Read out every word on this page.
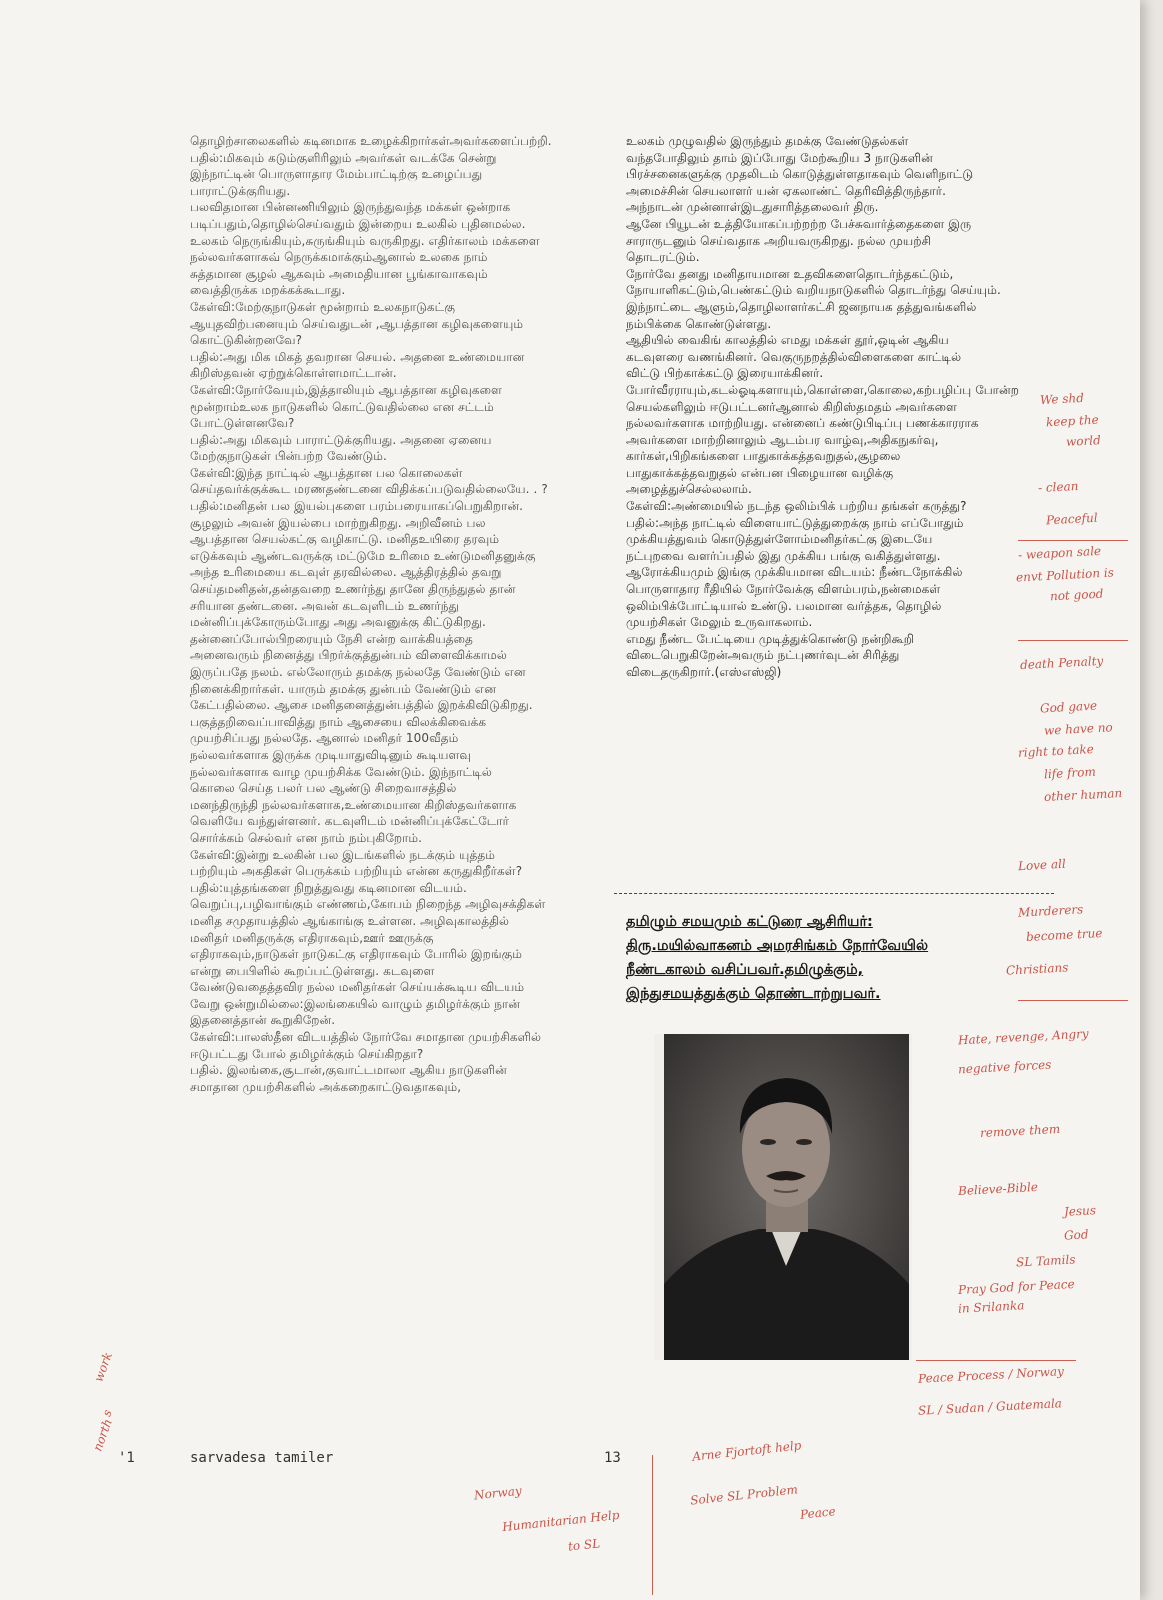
தொழிற்சாலைகளில் கடினமாக உழைக்கிறார்கள்அவர்களைப்பற்றி.

பதில்:மிகவும் கடும்குளிரிலும் அவர்கள் வடக்கே சென்று

இந்நாட்டின் பொருளாதார மேம்பாட்டிற்கு உழைப்பது

பாராட்டுக்குரியது.

பலவிதமான பின்னணியிலும் இருந்துவந்த மக்கள் ஒன்றாக

படிப்பதும்,தொழில்செய்வதும் இன்றைய உலகில் புதினமல்ல.

உலகம் நெருங்கியும்,சுருங்கியும் வருகிறது. எதிர்காலம் மக்களை

நல்லவர்களாகவ் நெருக்கமாக்கும்ஆனால் உலகை நாம்

சுத்தமான சூழல் ஆகவும் அமைதியான பூங்காவாகவும்

வைத்திருக்க மறக்கக்கூடாது.

கேள்வி:மேற்குநாடுகள் மூன்றாம் உலகநாடுகட்கு

ஆயுதவிற்பனையும் செய்வதுடன் ,ஆபத்தான கழிவுகளையும்

கொட்டுகின்றனவே?

பதில்:அது மிக மிகத் தவறான செயல். அதனை உண்மையான

கிறிஸ்தவன் ஏற்றுக்கொள்ளமாட்டான்.

கேள்வி:நோர்வேயும்,இத்தாலியும் ஆபத்தான கழிவுகளை

மூன்றாம்உலக நாடுகளில் கொட்டுவதில்லை என சட்டம்

போட்டுள்ளனவே?

பதில்:அது மிகவும் பாராட்டுக்குரியது. அதனை ஏனைய

மேற்குநாடுகள் பின்பற்ற வேண்டும்.

கேள்வி:இந்த நாட்டில் ஆபத்தான பல கொலைகள்

செய்தவர்க்குக்கூட மரணதண்டனை விதிக்கப்படுவதில்லையே. . ?

பதில்:மனிதன் பல இயல்புகளை பரம்பரையாகப்பெறுகிறான்.

சூழலும் அவன் இயல்பை மாற்றுகிறது. அறிவீனம் பல

ஆபத்தான செயல்கட்கு வழிகாட்டு. மனிதஉயிரை தரவும்

எடுக்கவும் ஆண்டவருக்கு மட்டுமே உரிமை உண்டுமனிதனுக்கு

அந்த உரிமையை கடவுள் தரவில்லை. ஆத்திரத்தில் தவறு

செய்தமனிதன்,தன்தவறை உணர்ந்து தானே திருந்துதல் தான்

சரியான தண்டனை. அவன் கடவுளிடம் உணர்ந்து

மன்னிப்புக்கோரும்போது அது அவனுக்கு கிட்டுகிறது.

தன்னைப்போல்பிறரையும் நேசி என்ற வாக்கியத்தை

அனைவரும் நினைத்து பிறர்க்குத்துன்பம் விளைவிக்காமல்

இருப்பதே நலம். எல்லோரும் தமக்கு நல்லதே வேண்டும் என

நினைக்கிறார்கள். யாரும் தமக்கு துன்பம் வேண்டும் என

கேட்பதில்லை. ஆசை மனிதனைத்துன்பத்தில் இறக்கிவிடுகிறது.

பகுத்தறிவைப்பாவித்து நாம் ஆசையை விலக்கிவைக்க

முயற்சிப்பது நல்லதே. ஆனால் மனிதர் 100வீதம்

நல்லவர்களாக இருக்க முடியாதுவிடினும் கூடியளவு

நல்லவர்களாக வாழ முயற்சிக்க வேண்டும். இந்நாட்டில்

கொலை செய்த பலர் பல ஆண்டு சிறைவாசத்தில்

மனந்திருந்தி நல்லவர்களாக,உண்மையான கிறிஸ்தவர்களாக

வெளியே வந்துள்ளனர். கடவுளிடம் மன்னிப்புக்கேட்டோர்

சொர்க்கம் செல்வர் என நாம் நம்புகிறோம்.

கேள்வி:இன்று உலகின் பல இடங்களில் நடக்கும் யுத்தம்

பற்றியும் அகதிகள் பெருக்கம் பற்றியும் என்ன கருதுகிறீர்கள்?

பதில்:யுத்தங்களை நிறுத்துவது கடினமான விடயம்.

வெறுப்பு,பழிவாங்கும் எண்ணம்,கோபம் நிறைந்த அழிவுசக்திகள்

மனித சமுதாயத்தில் ஆங்காங்கு உள்ளன. அழிவுகாலத்தில்

மனிதர் மனிதருக்கு எதிராகவும்,ஊர் ஊருக்கு

எதிராகவும்,நாடுகள் நாடுகட்கு எதிராகவும் போரில் இறங்கும்

என்று பைபிளில் கூறப்பட்டுள்ளது. கடவுளை

வேண்டுவதைத்தவிர நல்ல மனிதர்கள் செய்யக்கூடிய விடயம்

வேறு ஒன்றுமில்லை:இலங்கையில் வாழும் தமிழர்க்கும் நான்

இதனைத்தான் கூறுகிறேன்.

கேள்வி:பாலஸ்தீன விடயத்தில் நோர்வே சமாதான முயற்சிகளில்

ஈடுபட்டது போல் தமிழர்க்கும் செய்கிறதா?

பதில். இலங்கை,சூடான்,குவாட்டமாலா ஆகிய நாடுகளின்

சமாதான முயற்சிகளில் அக்கறைகாட்டுவதாகவும்,

உலகம் முழுவதில் இருந்தும் தமக்கு வேண்டுதல்கள்

வந்தபோதிலும் தாம் இப்போது மேற்கூறிய 3 நாடுகளின்

பிரச்சனைகளுக்கு முதலிடம் கொடுத்துள்ளதாகவும் வெளிநாட்டு

அமைச்சின் செயலாளர் யன் ஏகலாண்ட் தெரிவித்திருந்தார்.

அந்நாடன் முன்னாள்இடதுசாரித்தலைவர் திரு.

ஆனே பியூடன் உத்தியோகப்பற்றற்ற பேச்சுவார்த்தைகளை இரு

சாராருடனும் செய்வதாக அறியவருகிறது. நல்ல முயற்சி

தொடரட்டும்.

நோர்வே தனது மனிதாயமான உதவிகளைதொடர்ந்தகட்டும்,

நோயாளிகட்டும்,பெண்கட்டும் வறியநாடுகளில் தொடர்ந்து செய்யும்.

இந்நாட்டை ஆளும்,தொழிலாளர்கட்சி ஜனநாயக தத்துவங்களில்

நம்பிக்கை கொண்டுள்ளது.

ஆதியில் வைகிங் காலத்தில் எமது மக்கள் தூர்,ஒடின் ஆகிய

கடவுளரை வணங்கினர். வெகுருநறத்தில்விளைகளை காட்டில்

விட்டு பிற்காக்கட்டு இரையாக்கினர்.

போர்வீரராயும்,கடல்ஓடிகளாயும்,கொள்ளை,கொலை,கற்பழிப்பு போன்ற

செயல்களிலும் ஈடுபட்டனர்ஆனால் கிறிஸ்தமதம் அவர்களை

நல்லவர்களாக மாற்றியது. என்னைப் கண்டுபிடிப்பு பணக்காரராக

அவர்களை மாற்றினாலும் ஆடம்பர வாழ்வு,அதிகநுகர்வு,

கார்கள்,பிறிகங்களை பாதுகாக்கத்தவறுதல்,சூழலை

பாதுகாக்கத்தவறுதல் என்பன பிழையான வழிக்கு

அழைத்துச்செல்லலாம்.

கேள்வி:அண்மையில் நடந்த ஒலிம்பிக் பற்றிய தங்கள் கருத்து?

பதில்:அந்த நாட்டில் விளையாட்டுத்துறைக்கு நாம் எப்போதும்

முக்கியத்துவம் கொடுத்துள்ளோம்மனிதர்கட்கு இடையே

நட்புறவை வளர்ப்பதில் இது முக்கிய பங்கு வகித்துள்ளது.

ஆரோக்கியமும் இங்கு முக்கியமான விடயம்: நீண்டநோக்கில்

பொருளாதார ரீதியில் நோர்வேக்கு விளம்பரம்,நன்மைகள்

ஒலிம்பிக்போட்டியால் உண்டு. பலமான வர்த்தக, தொழில்

முயற்சிகள் மேலும் உருவாகலாம்.

எமது நீண்ட பேட்டியை முடித்துக்கொண்டு நன்றிகூறி

விடைபெறுகிறேன்அவரும் நட்புணர்வுடன் சிரித்து

விடைதருகிறார்.(எஸ்எஸ்ஜி)

தமிழும் சமயமும் கட்டுரை ஆசிரியர்:

திரு.மயில்வாகனம் அமரசிங்கம் நோர்வேயில்

நீண்டகாலம் வசிப்பவர்.தமிழுக்கும்,

இந்துசமயத்துக்கும் தொண்டாற்றுபவர்.

'1	sarvadesa tamiler	13
We shd
keep the
world
- clean
Peaceful
- weapon sale
envt Pollution is
not good
death Penalty
God gave
we have no
right to take
life from
other human
Love all
Murderers
become true
Christians
Hate, revenge, Angry
negative forces
remove them
Believe-Bible
Jesus
God
SL Tamils
Pray God for Peace
in Srilanka
Peace Process / Norway
SL / Sudan / Guatemala
Arne Fjortoft help
Solve SL Problem
Peace
Norway
Humanitarian Help
to SL
work
s
north
